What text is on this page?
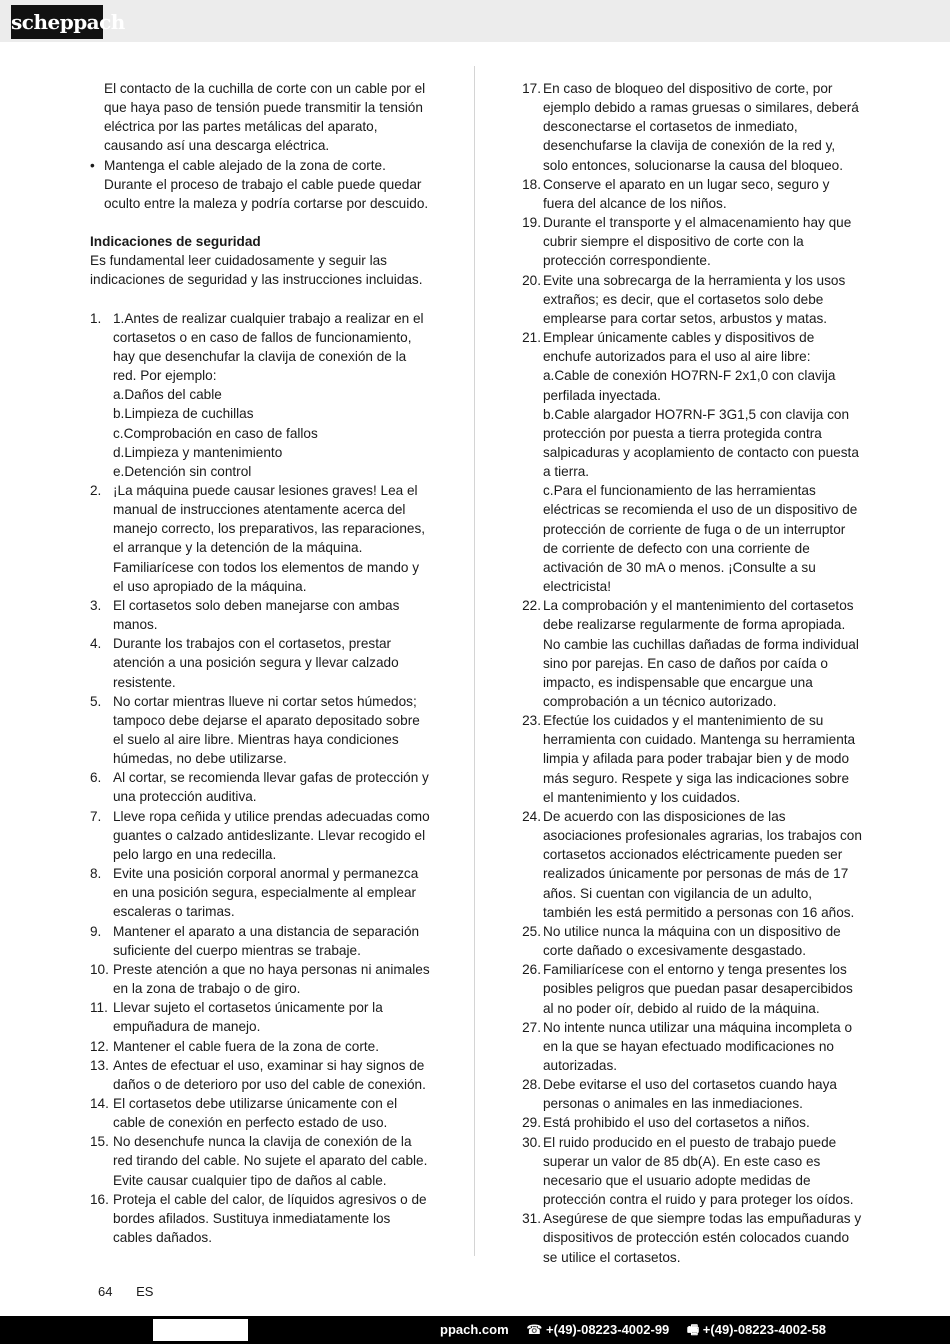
scheppach

El contacto de la cuchilla de corte con un cable por el que haya paso de tensión puede transmitir la tensión eléctrica por las partes metálicas del aparato, causando así una descarga eléctrica.

• Mantenga el cable alejado de la zona de corte. Durante el proceso de trabajo el cable puede quedar oculto entre la maleza y podría cortarse por descuido.
Indicaciones de seguridad

Es fundamental leer cuidadosamente y seguir las indicaciones de seguridad y las instrucciones incluidas.

1. 1.Antes de realizar cualquier trabajo a realizar en el cortasetos o en caso de fallos de funcionamiento, hay que desenchufar la clavija de conexión de la red. Por ejemplo:
a.Daños del cable
b.Limpieza de cuchillas
c.Comprobación en caso de fallos
d.Limpieza y mantenimiento
e.Detención sin control
2. ¡La máquina puede causar lesiones graves! Lea el manual de instrucciones atentamente acerca del manejo correcto, los preparativos, las reparaciones, el arranque y la detención de la máquina. Familiarícese con todos los elementos de mando y el uso apropiado de la máquina.
3. El cortasetos solo deben manejarse con ambas manos.
4. Durante los trabajos con el cortasetos, prestar atención a una posición segura y llevar calzado resistente.
5. No cortar mientras llueve ni cortar setos húmedos; tampoco debe dejarse el aparato depositado sobre el suelo al aire libre. Mientras haya condiciones húmedas, no debe utilizarse.
6. Al cortar, se recomienda llevar gafas de protección y una protección auditiva.
7. Lleve ropa ceñida y utilice prendas adecuadas como guantes o calzado antideslizante. Llevar recogido el pelo largo en una redecilla.
8. Evite una posición corporal anormal y permanezca en una posición segura, especialmente al emplear escaleras o tarimas.
9. Mantener el aparato a una distancia de separación suficiente del cuerpo mientras se trabaje.
10. Preste atención a que no haya personas ni animales en la zona de trabajo o de giro.
11. Llevar sujeto el cortasetos únicamente por la empuñadura de manejo.
12. Mantener el cable fuera de la zona de corte.
13. Antes de efectuar el uso, examinar si hay signos de daños o de deterioro por uso del cable de conexión.
14. El cortasetos debe utilizarse únicamente con el cable de conexión en perfecto estado de uso.
15. No desenchufe nunca la clavija de conexión de la red tirando del cable. No sujete el aparato del cable. Evite causar cualquier tipo de daños al cable.
16. Proteja el cable del calor, de líquidos agresivos o de bordes afilados. Sustituya inmediatamente los cables dañados.
17. En caso de bloqueo del dispositivo de corte, por ejemplo debido a ramas gruesas o similares, deberá desconectarse el cortasetos de inmediato, desenchufarse la clavija de conexión de la red y, solo entonces, solucionarse la causa del bloqueo.
18. Conserve el aparato en un lugar seco, seguro y fuera del alcance de los niños.
19. Durante el transporte y el almacenamiento hay que cubrir siempre el dispositivo de corte con la protección correspondiente.
20. Evite una sobrecarga de la herramienta y los usos extraños; es decir, que el cortasetos solo debe emplearse para cortar setos, arbustos y matas.
21. Emplear únicamente cables y dispositivos de enchufe autorizados para el uso al aire libre:
a.Cable de conexión HO7RN-F 2x1,0 con clavija perfilada inyectada.
b.Cable alargador HO7RN-F 3G1,5 con clavija con protección por puesta a tierra protegida contra salpicaduras y acoplamiento de contacto con puesta a tierra.
c.Para el funcionamiento de las herramientas eléctricas se recomienda el uso de un dispositivo de protección de corriente de fuga o de un interruptor de corriente de defecto con una corriente de activación de 30 mA o menos. ¡Consulte a su electricista!
22. La comprobación y el mantenimiento del cortasetos debe realizarse regularmente de forma apropiada. No cambie las cuchillas dañadas de forma individual sino por parejas. En caso de daños por caída o impacto, es indispensable que encargue una comprobación a un técnico autorizado.
23. Efectúe los cuidados y el mantenimiento de su herramienta con cuidado. Mantenga su herramienta limpia y afilada para poder trabajar bien y de modo más seguro. Respete y siga las indicaciones sobre el mantenimiento y los cuidados.
24. De acuerdo con las disposiciones de las asociaciones profesionales agrarias, los trabajos con cortasetos accionados eléctricamente pueden ser realizados únicamente por personas de más de 17 años. Si cuentan con vigilancia de un adulto, también les está permitido a personas con 16 años.
25. No utilice nunca la máquina con un dispositivo de corte dañado o excesivamente desgastado.
26. Familiarícese con el entorno y tenga presentes los posibles peligros que puedan pasar desapercibidos al no poder oír, debido al ruido de la máquina.
27. No intente nunca utilizar una máquina incompleta o en la que se hayan efectuado modificaciones no autorizadas.
28. Debe evitarse el uso del cortasetos cuando haya personas o animales en las inmediaciones.
29. Está prohibido el uso del cortasetos a niños.
30. El ruido producido en el puesto de trabajo puede superar un valor de 85 db(A). En este caso es necesario que el usuario adopte medidas de protección contra el ruido y para proteger los oídos.
31. Asegúrese de que siempre todas las empuñaduras y dispositivos de protección estén colocados cuando se utilice el cortasetos.
64 ES
ppach.com ☎ +(49)-08223-4002-99 🖷 +(49)-08223-4002-58
